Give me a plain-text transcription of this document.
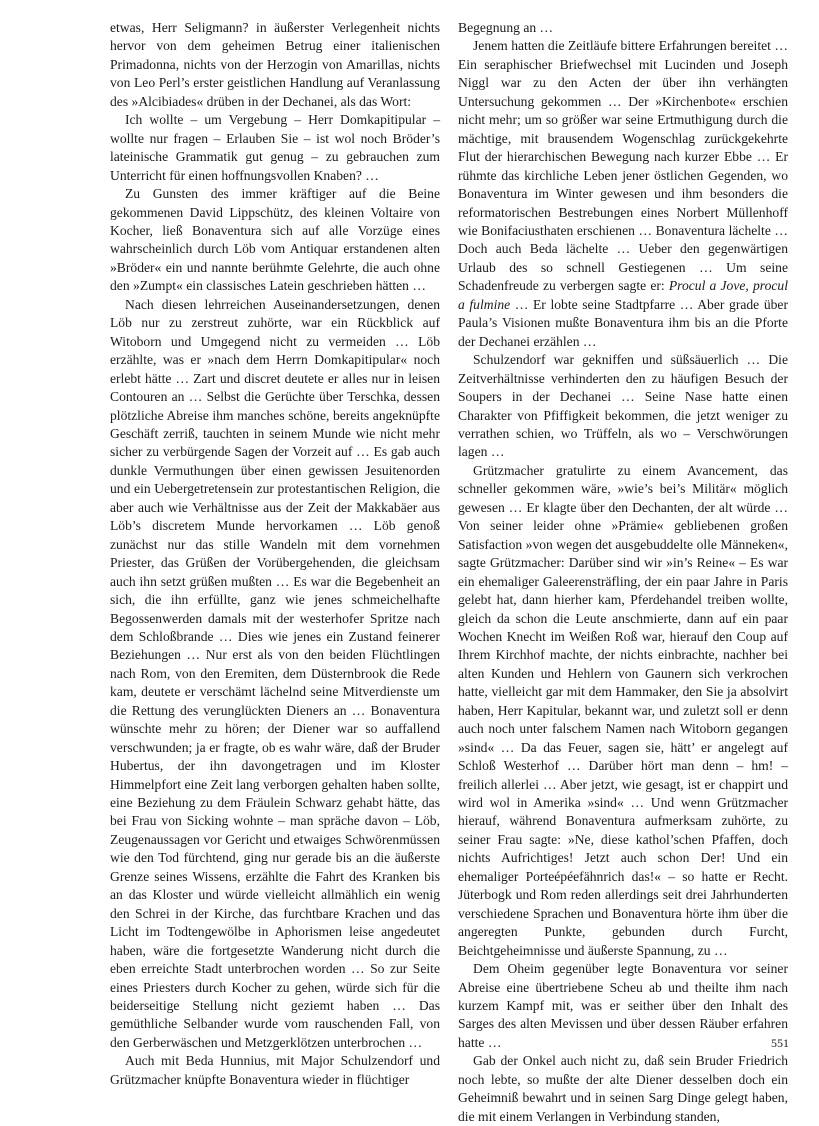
etwas, Herr Seligmann? in äußerster Verlegenheit nichts hervor von dem geheimen Betrug einer italienischen Primadonna, nichts von der Herzogin von Amarillas, nichts von Leo Perl’s erster geistlichen Handlung auf Veranlassung des »Alcibiades« drüben in der Dechanei, als das Wort:

Ich wollte – um Vergebung – Herr Domkapitipular – wollte nur fragen – Erlauben Sie – ist wol noch Bröder’s lateinische Grammatik gut genug – zu gebrauchen zum Unterricht für einen hoffnungsvollen Knaben? …

Zu Gunsten des immer kräftiger auf die Beine gekommenen David Lippschütz, des kleinen Voltaire von Kocher, ließ Bonaventura sich auf alle Vorzüge eines wahrscheinlich durch Löb vom Antiquar erstandenen alten »Bröder« ein und nannte berühmte Gelehrte, die auch ohne den »Zumpt« ein classisches Latein geschrieben hätten …

Nach diesen lehrreichen Auseinandersetzungen, denen Löb nur zu zerstreut zuhörte, war ein Rückblick auf Witoborn und Umgegend nicht zu vermeiden … Löb erzählte, was er »nach dem Herrn Domkapitipular« noch erlebt hätte … Zart und discret deutete er alles nur in leisen Contouren an … Selbst die Gerüchte über Terschka, dessen plötzliche Abreise ihm manches schöne, bereits angeknüpfte Geschäft zerriß, tauchten in seinem Munde wie nicht mehr sicher zu verbürgende Sagen der Vorzeit auf … Es gab auch dunkle Vermuthungen über einen gewissen Jesuitenorden und ein Uebergetretensein zur protestantischen Religion, die aber auch wie Verhältnisse aus der Zeit der Makkabäer aus Löb’s discretem Munde hervorkamen … Löb genoß zunächst nur das stille Wandeln mit dem vornehmen Priester, das Grüßen der Vorübergehenden, die gleichsam auch ihn setzt grüßen mußten … Es war die Begebenheit an sich, die ihn erfüllte, ganz wie jenes schmeichelhafte Begossenwerden damals mit der westerhofer Spritze nach dem Schloßbrande … Dies wie jenes ein Zustand feinerer Beziehungen … Nur erst als von den beiden Flüchtlingen nach Rom, von den Eremiten, dem Düsternbrook die Rede kam, deutete er verschämt lächelnd seine Mitverdienste um die Rettung des verunglückten Dieners an … Bonaventura wünschte mehr zu hören; der Diener war so auffallend verschwunden; ja er fragte, ob es wahr wäre, daß der Bruder Hubertus, der ihn davongetragen und im Kloster Himmelpfort eine Zeit lang verborgen gehalten haben sollte, eine Beziehung zu dem Fräulein Schwarz gehabt hätte, das bei Frau von Sicking wohnte – man spräche davon – Löb, Zeugenaussagen vor Gericht und etwaiges Schwörenmüssen wie den Tod fürchtend, ging nur gerade bis an die äußerste Grenze seines Wissens, erzählte die Fahrt des Kranken bis an das Kloster und würde vielleicht allmählich ein wenig den Schrei in der Kirche, das furchtbare Krachen und das Licht im Todtengewölbe in Aphorismen leise angedeutet haben, wäre die fortgesetzte Wanderung nicht durch die eben erreichte Stadt unterbrochen worden … So zur Seite eines Priesters durch Kocher zu gehen, würde sich für die beiderseitige Stellung nicht geziemt haben … Das gemüthliche Selbander wurde vom rauschenden Fall, von den Gerberwäschen und Metzgerklötzen unterbrochen …

Auch mit Beda Hunnius, mit Major Schulzendorf und Grützmacher knüpfte Bonaventura wieder in flüchtiger

Begegnung an …

Jenem hatten die Zeitläufe bittere Erfahrungen bereitet … Ein seraphischer Briefwechsel mit Lucinden und Joseph Niggl war zu den Acten der über ihn verhängten Untersuchung gekommen … Der »Kirchenbote« erschien nicht mehr; um so größer war seine Ertmuthigung durch die mächtige, mit brausendem Wogenschlag zurückgekehrte Flut der hierarchischen Bewegung nach kurzer Ebbe … Er rühmte das kirchliche Leben jener östlichen Gegenden, wo Bonaventura im Winter gewesen und ihm besonders die reformatorischen Bestrebungen eines Norbert Müllenhoff wie Bonifaciusthaten erschienen … Bonaventura lächelte … Doch auch Beda lächelte … Ueber den gegenwärtigen Urlaub des so schnell Gestiegenen … Um seine Schadenfreude zu verbergen sagte er: Procul a Jove, procul a fulmine … Er lobte seine Stadtpfarre … Aber grade über Paula’s Visionen mußte Bonaventura ihm bis an die Pforte der Dechanei erzählen …

Schulzendorf war gekniffen und süßsäuerlich … Die Zeitverhältnisse verhinderten den zu häufigen Besuch der Soupers in der Dechanei … Seine Nase hatte einen Charakter von Pfiffigkeit bekommen, die jetzt weniger zu verrathen schien, wo Trüffeln, als wo – Verschwörungen lagen …

Grützmacher gratulirte zu einem Avancement, das schneller gekommen wäre, »wie’s bei’s Militär« möglich gewesen … Er klagte über den Dechanten, der alt würde … Von seiner leider ohne »Prämie« gebliebenen großen Satisfaction »von wegen det ausgebuddelte olle Männeken«, sagte Grützmacher: Darüber sind wir »in’s Reine« – Es war ein ehemaliger Galeerensträfling, der ein paar Jahre in Paris gelebt hat, dann hierher kam, Pferdehandel treiben wollte, gleich da schon die Leute anschmierte, dann auf ein paar Wochen Knecht im Weißen Roß war, hierauf den Coup auf Ihrem Kirchhof machte, der nichts einbrachte, nachher bei alten Kunden und Hehlern von Gaunern sich verkrochen hatte, vielleicht gar mit dem Hammaker, den Sie ja absolvirt haben, Herr Kapitular, bekannt war, und zuletzt soll er denn auch noch unter falschem Namen nach Witoborn gegangen »sind« … Da das Feuer, sagen sie, hätt’ er angelegt auf Schloß Westerhof … Darüber hört man denn – hm! – freilich allerlei … Aber jetzt, wie gesagt, ist er chappirt und wird wol in Amerika »sind« … Und wenn Grützmacher hierauf, während Bonaventura aufmerksam zuhörte, zu seiner Frau sagte: »Ne, diese kathol’schen Pfaffen, doch nichts Aufrichtiges! Jetzt auch schon Der! Und ein ehemaliger Porteépéefähnrich das!« – so hatte er Recht. Jüterbogk und Rom reden allerdings seit drei Jahrhunderten verschiedene Sprachen und Bonaventura hörte ihm über die angeregten Punkte, gebunden durch Furcht, Beichtgeheimnisse und äußerste Spannung, zu …

Dem Oheim gegenüber legte Bonaventura vor seiner Abreise eine übertriebene Scheu ab und theilte ihm nach kurzem Kampf mit, was er seither über den Inhalt des Sarges des alten Mevissen und über dessen Räuber erfahren hatte …

Gab der Onkel auch nicht zu, daß sein Bruder Friedrich noch lebte, so mußte der alte Diener desselben doch ein Geheimniß bewahrt und in seinen Sarg Dinge gelegt haben, die mit einem Verlangen in Verbindung standen,

551
